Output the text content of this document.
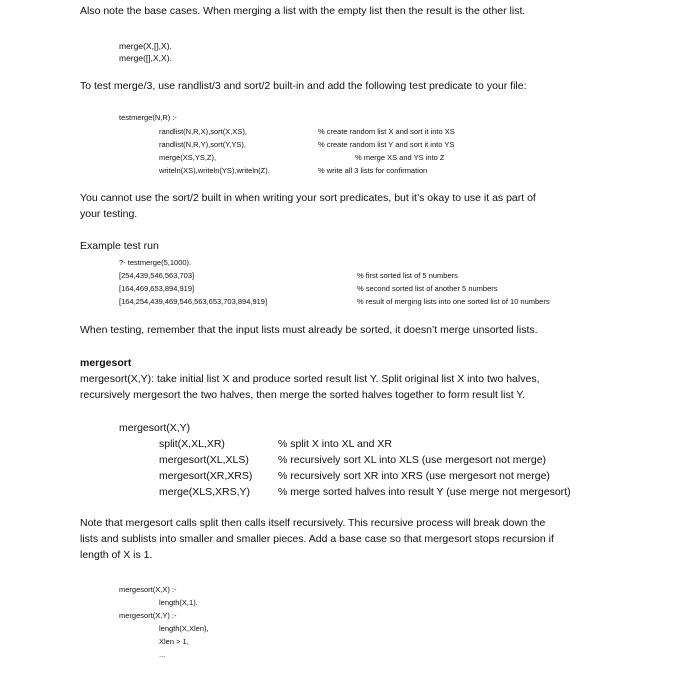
Also note the base cases. When merging a list with the empty list then the result is the other list.
merge(X,[],X).
merge([],X,X).
To test merge/3, use randlist/3 and sort/2 built-in and add the following test predicate to your file:
testmerge(N,R) :-
randlist(N,R,X),sort(X,XS),	% create random list X and sort it into XS
randlist(N,R,Y),sort(Y,YS),	% create random list Y and sort it into YS
merge(XS,YS,Z),	% merge XS and YS into Z
writeln(XS),writeln(YS),writeln(Z).	% write all 3 lists for confirmation
You cannot use the sort/2 built in when writing your sort predicates, but it’s okay to use it as part of
your testing.
Example test run
?- testmerge(5,1000).
[254,439,546,563,703]	% first sorted list of 5 numbers
[164,469,653,894,919]	% second sorted list of another 5 numbers
[164,254,439,469,546,563,653,703,894,919]	% result of merging lists into one sorted list of 10 numbers
When testing, remember that the input lists must already be sorted, it doesn’t merge unsorted lists.
mergesort
mergesort(X,Y): take initial list X and produce sorted result list Y. Split original list X into two halves,
recursively mergesort the two halves, then merge the sorted halves together to form result list Y.
mergesort(X,Y)
split(X,XL,XR)	% split X into XL and XR
mergesort(XL,XLS)	% recursively sort XL into XLS (use mergesort not merge)
mergesort(XR,XRS) % recursively sort XR into XRS (use mergesort not merge)
merge(XLS,XRS,Y)	% merge sorted halves into result Y (use merge not mergesort)
Note that mergesort calls split then calls itself recursively. This recursive process will break down the
lists and sublists into smaller and smaller pieces. Add a base case so that mergesort stops recursion if
length of X is 1.
mergesort(X,X) :-
length(X,1).
mergesort(X,Y) :-
length(X,Xlen),
Xlen > 1,
...
